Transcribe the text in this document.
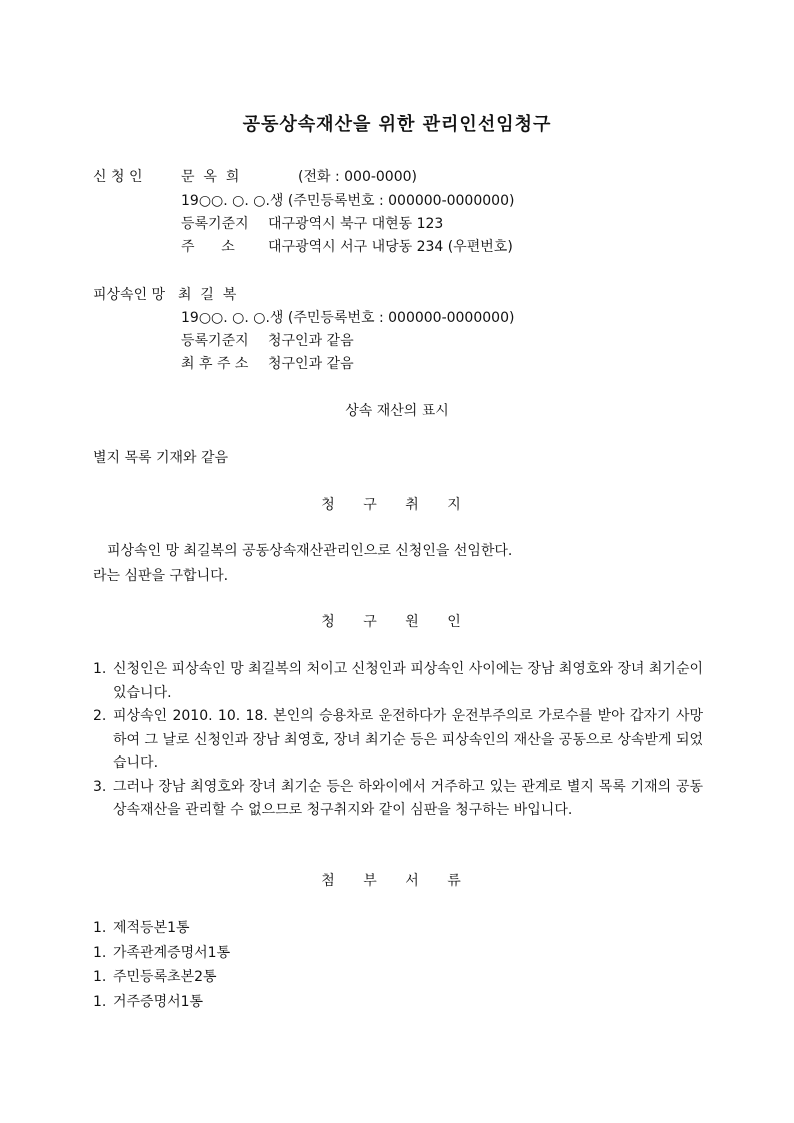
공동상속재산을 위한 관리인선임청구
신 청 인	문  옥  희	(전화 : 000-0000)
19○○. ○. ○.생 (주민등록번호 : 000000-0000000)
등록기준지 대구광역시 북구 대현동 123
주      소 대구광역시 서구 내당동 234 (우편번호)
피상속인 망 최  길  복
19○○. ○. ○.생 (주민등록번호 : 000000-0000000)
등록기준지 청구인과 같음
최 후 주 소 청구인과 같음
상속 재산의 표시
별지 목록 기재와 같음
청 구 취 지
피상속인 망 최길복의 공동상속재산관리인으로 신청인을 선임한다.
라는 심판을 구합니다.
청 구 원 인
1. 신청인은 피상속인 망 최길복의 처이고 신청인과 피상속인 사이에는 장남 최영호와 장녀 최기순이 있습니다.
2. 피상속인 2010. 10. 18. 본인의 승용차로 운전하다가 운전부주의로 가로수를 받아 갑자기 사망하여 그 날로 신청인과 장남 최영호, 장녀 최기순 등은 피상속인의 재산을 공동으로 상속받게 되었습니다.
3. 그러나 장남 최영호와 장녀 최기순 등은 하와이에서 거주하고 있는 관계로 별지 목록 기재의 공동상속재산을 관리할 수 없으므로 청구취지와 같이 심판을 청구하는 바입니다.
첨 부 서 류
1. 제적등본1통
1. 가족관계증명서1통
1. 주민등록초본2통
1. 거주증명서1통
